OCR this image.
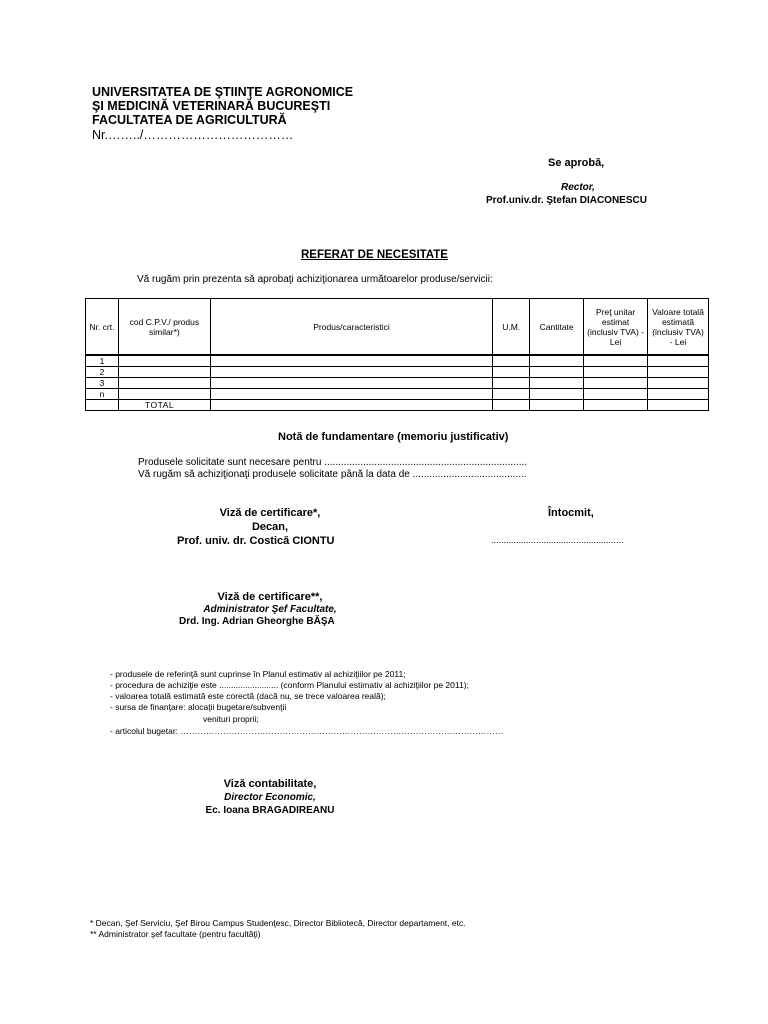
UNIVERSITATEA DE ŞTIINŢE AGRONOMICE
ŞI MEDICINĂ VETERINARĂ BUCUREŞTI
FACULTATEA DE AGRICULTURĂ
Nr.……../………………………………
Se aprobă,
Rector,
Prof.univ.dr. Ştefan DIACONESCU
REFERAT DE NECESITATE
Vă rugăm prin prezenta să aprobaţi achiziţionarea următoarelor produse/servicii:
Nr. crt.	cod C.P.V./ produs similar*)	Produs/caracteristici	U.M.	Cantitate	Preţ unitar estimat (inclusiv TVA) - Lei	Valoare totală estimată (inclusiv TVA) - Lei
1						
2						
3						
n						
	TOTAL					
Notă de fundamentare (memoriu justificativ)
Produsele solicitate sunt necesare pentru .........................................................................
Vă rugăm să achiziţionaţi produsele solicitate până la data de .........................................
Viză de certificare*,
Decan,
Prof. univ. dr. Costică CIONTU
Întocmit,
.....................................................
Viză de certificare**,
Administrator Şef Facultate,
Drd. Ing. Adrian Gheorghe BĂŞA
- produsele de referinţă sunt cuprinse în Planul estimativ al achiziţiilor pe 2011;
- procedura de achiziţie este ......................... (conform Planului estimativ al achiziţiilor pe 2011);
- valoarea totală estimată este corectă (dacă nu, se trece valoarea reală);
- sursa de finanţare: alocaţii bugetare/subvenţii
venituri proprii;
- articolul bugetar: ……………………………………………………………………………………………………
Viză contabilitate,
Director Economic,
Ec. Ioana BRAGADIREANU
* Decan, Şef Serviciu, Şef Birou Campus Studenţesc, Director Bibliotecă, Director departament, etc.
** Administrator şef facultate (pentru facultăţi)
